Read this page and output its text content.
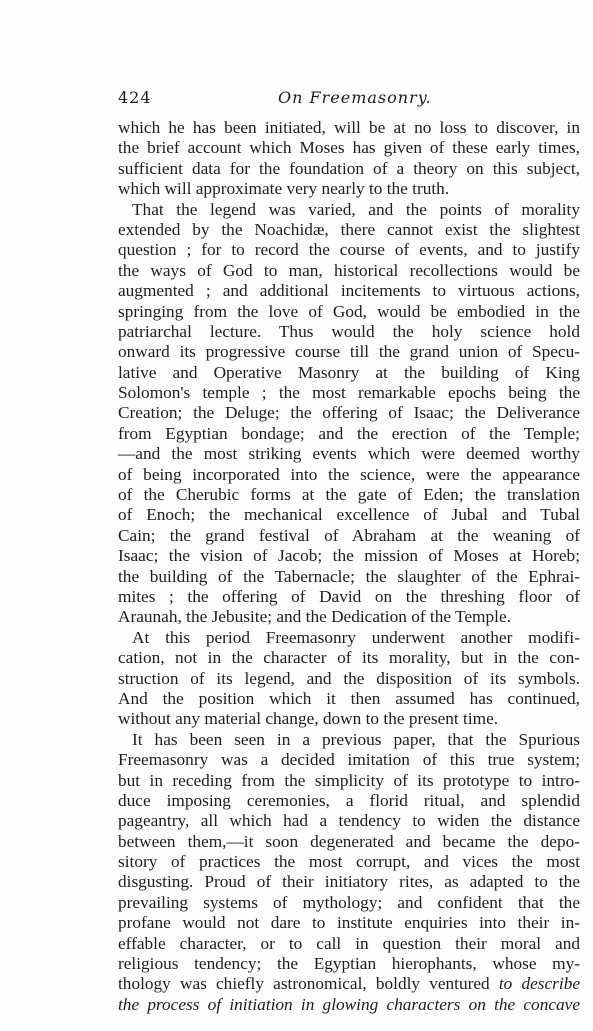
424	On Freemasonry.
which he has been initiated, will be at no loss to discover, in
the brief account which Moses has given of these early times,
sufficient data for the foundation of a theory on this subject,
which will approximate very nearly to the truth.
That the legend was varied, and the points of morality
extended by the Noachidæ, there cannot exist the slightest
question ; for to record the course of events, and to justify
the ways of God to man, historical recollections would be
augmented ; and additional incitements to virtuous actions,
springing from the love of God, would be embodied in the
patriarchal lecture. Thus would the holy science hold
onward its progressive course till the grand union of Specu-
lative and Operative Masonry at the building of King
Solomon's temple ; the most remarkable epochs being the
Creation; the Deluge; the offering of Isaac; the Deliverance
from Egyptian bondage; and the erection of the Temple;
—and the most striking events which were deemed worthy
of being incorporated into the science, were the appearance
of the Cherubic forms at the gate of Eden; the translation
of Enoch; the mechanical excellence of Jubal and Tubal
Cain; the grand festival of Abraham at the weaning of
Isaac; the vision of Jacob; the mission of Moses at Horeb;
the building of the Tabernacle; the slaughter of the Ephrai-
mites ; the offering of David on the threshing floor of
Araunah, the Jebusite; and the Dedication of the Temple.
At this period Freemasonry underwent another modifi-
cation, not in the character of its morality, but in the con-
struction of its legend, and the disposition of its symbols.
And the position which it then assumed has continued,
without any material change, down to the present time.
It has been seen in a previous paper, that the Spurious
Freemasonry was a decided imitation of this true system;
but in receding from the simplicity of its prototype to intro-
duce imposing ceremonies, a florid ritual, and splendid
pageantry, all which had a tendency to widen the distance
between them,—it soon degenerated and became the depo-
sitory of practices the most corrupt, and vices the most
disgusting. Proud of their initiatory rites, as adapted to the
prevailing systems of mythology; and confident that the
profane would not dare to institute enquiries into their in-
effable character, or to call in question their moral and
religious tendency; the Egyptian hierophants, whose my-
thology was chiefly astronomical, boldly ventured to describe
the process of initiation in glowing characters on the concave
